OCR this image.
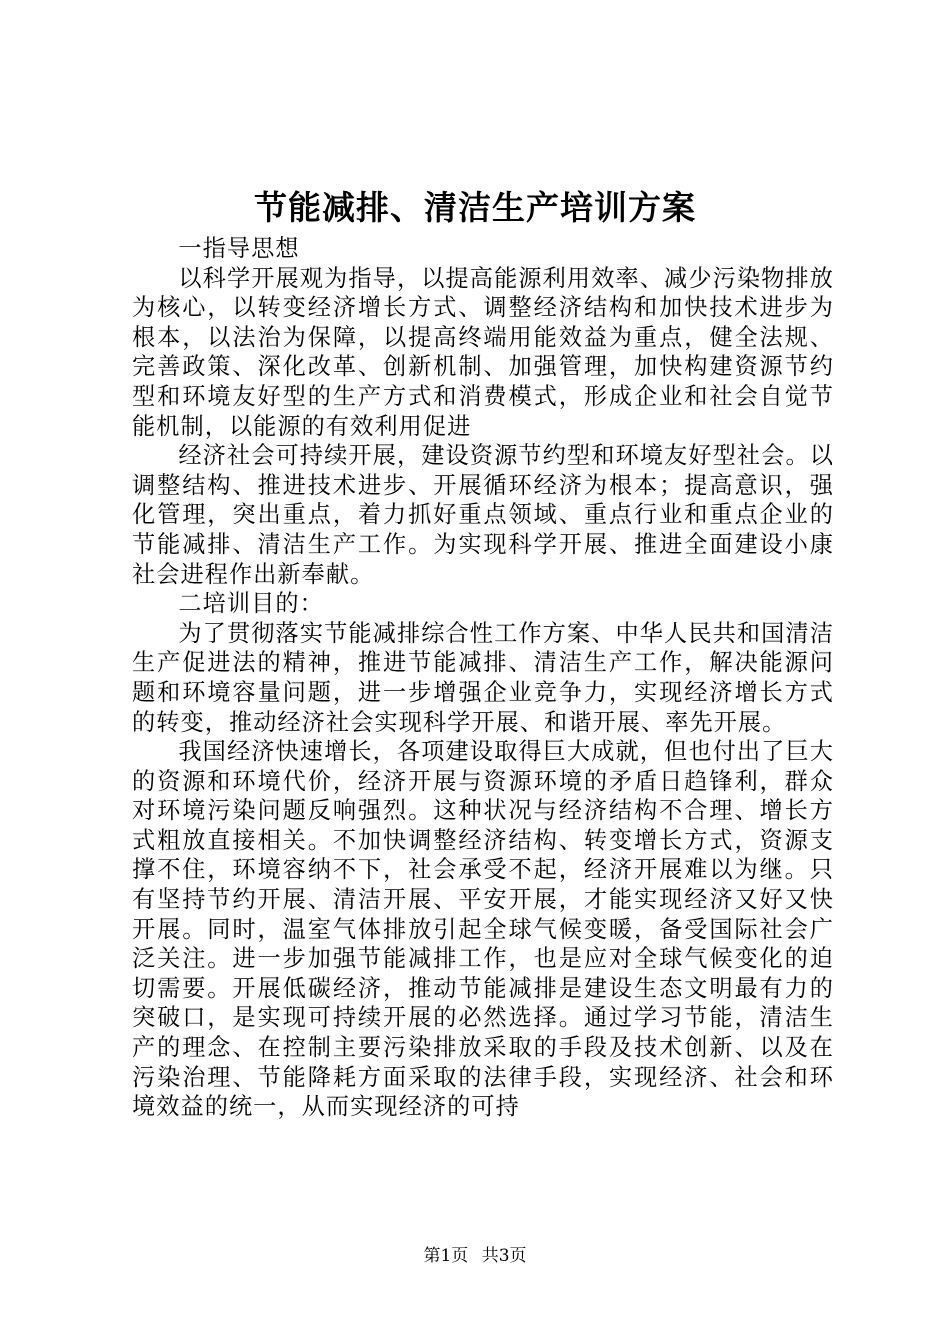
节能减排、清洁生产培训方案

一指导思想

以科学开展观为指导，以提高能源利用效率、减少污染物排放为核心，以转变经济增长方式、调整经济结构和加快技术进步为根本，以法治为保障，以提高终端用能效益为重点，健全法规、完善政策、深化改革、创新机制、加强管理，加快构建资源节约型和环境友好型的生产方式和消费模式，形成企业和社会自觉节能机制，以能源的有效利用促进

经济社会可持续开展，建设资源节约型和环境友好型社会。以调整结构、推进技术进步、开展循环经济为根本；提高意识，强化管理，突出重点，着力抓好重点领域、重点行业和重点企业的节能减排、清洁生产工作。为实现科学开展、推进全面建设小康社会进程作出新奉献。

二培训目的：

为了贯彻落实节能减排综合性工作方案、中华人民共和国清洁生产促进法的精神，推进节能减排、清洁生产工作，解决能源问题和环境容量问题，进一步增强企业竞争力，实现经济增长方式的转变，推动经济社会实现科学开展、和谐开展、率先开展。

我国经济快速增长，各项建设取得巨大成就，但也付出了巨大的资源和环境代价，经济开展与资源环境的矛盾日趋锋利，群众对环境污染问题反响强烈。这种状况与经济结构不合理、增长方式粗放直接相关。不加快调整经济结构、转变增长方式，资源支撑不住，环境容纳不下，社会承受不起，经济开展难以为继。只有坚持节约开展、清洁开展、平安开展，才能实现经济又好又快开展。同时，温室气体排放引起全球气候变暖，备受国际社会广泛关注。进一步加强节能减排工作，也是应对全球气候变化的迫切需要。开展低碳经济，推动节能减排是建设生态文明最有力的突破口，是实现可持续开展的必然选择。通过学习节能，清洁生产的理念、在控制主要污染排放采取的手段及技术创新、以及在污染治理、节能降耗方面采取的法律手段，实现经济、社会和环境效益的统一，从而实现经济的可持

第1页 共3页
